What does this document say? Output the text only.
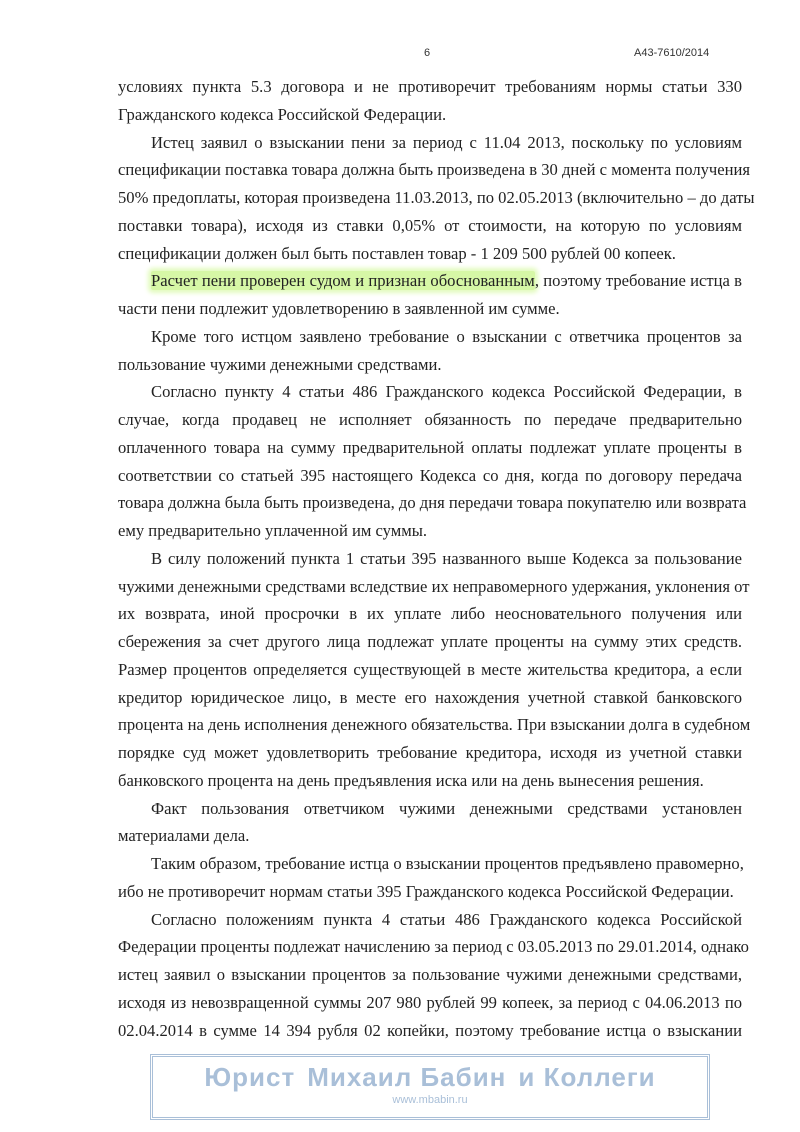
6	А43-7610/2014
условиях пункта 5.3 договора и не противоречит требованиям нормы статьи 330
Гражданского кодекса Российской Федерации.
Истец заявил о взыскании пени за период с 11.04 2013, поскольку по условиям
спецификации поставка товара должна быть произведена в 30 дней с момента получения
50% предоплаты, которая произведена 11.03.2013, по 02.05.2013 (включительно – до даты
поставки товара), исходя из ставки 0,05% от стоимости, на которую по условиям
спецификации должен был быть поставлен товар - 1 209 500 рублей 00 копеек.
Расчет пени проверен судом и признан обоснованным, поэтому требование истца в
части пени подлежит удовлетворению в заявленной им сумме.
Кроме того истцом заявлено требование о взыскании с ответчика процентов за
пользование чужими денежными средствами.
Согласно пункту 4 статьи 486 Гражданского кодекса Российской Федерации, в
случае, когда продавец не исполняет обязанность по передаче предварительно
оплаченного товара на сумму предварительной оплаты подлежат уплате проценты в
соответствии со статьей 395 настоящего Кодекса со дня, когда по договору передача
товара должна была быть произведена, до дня передачи товара покупателю или возврата
ему предварительно уплаченной им суммы.
В силу положений пункта 1 статьи 395 названного выше Кодекса за пользование
чужими денежными средствами вследствие их неправомерного удержания, уклонения от
их возврата, иной просрочки в их уплате либо неосновательного получения или
сбережения за счет другого лица подлежат уплате проценты на сумму этих средств.
Размер процентов определяется существующей в месте жительства кредитора, а если
кредитор юридическое лицо, в месте его нахождения учетной ставкой банковского
процента на день исполнения денежного обязательства. При взыскании долга в судебном
порядке суд может удовлетворить требование кредитора, исходя из учетной ставки
банковского процента на день предъявления иска или на день вынесения решения.
Факт пользования ответчиком чужими денежными средствами установлен
материалами дела.
Таким образом, требование истца о взыскании процентов предъявлено правомерно,
ибо не противоречит нормам статьи 395 Гражданского кодекса Российской Федерации.
Согласно положениям пункта 4 статьи 486 Гражданского кодекса Российской
Федерации проценты подлежат начислению за период с 03.05.2013 по 29.01.2014, однако
истец заявил о взыскании процентов за пользование чужими денежными средствами,
исходя из невозвращенной суммы 207 980 рублей 99 копеек, за период с 04.06.2013 по
02.04.2014 в сумме 14 394 рубля 02 копейки, поэтому требование истца о взыскании
Юрист Михаил Бабин и Коллеги
www.mbabin.ru
